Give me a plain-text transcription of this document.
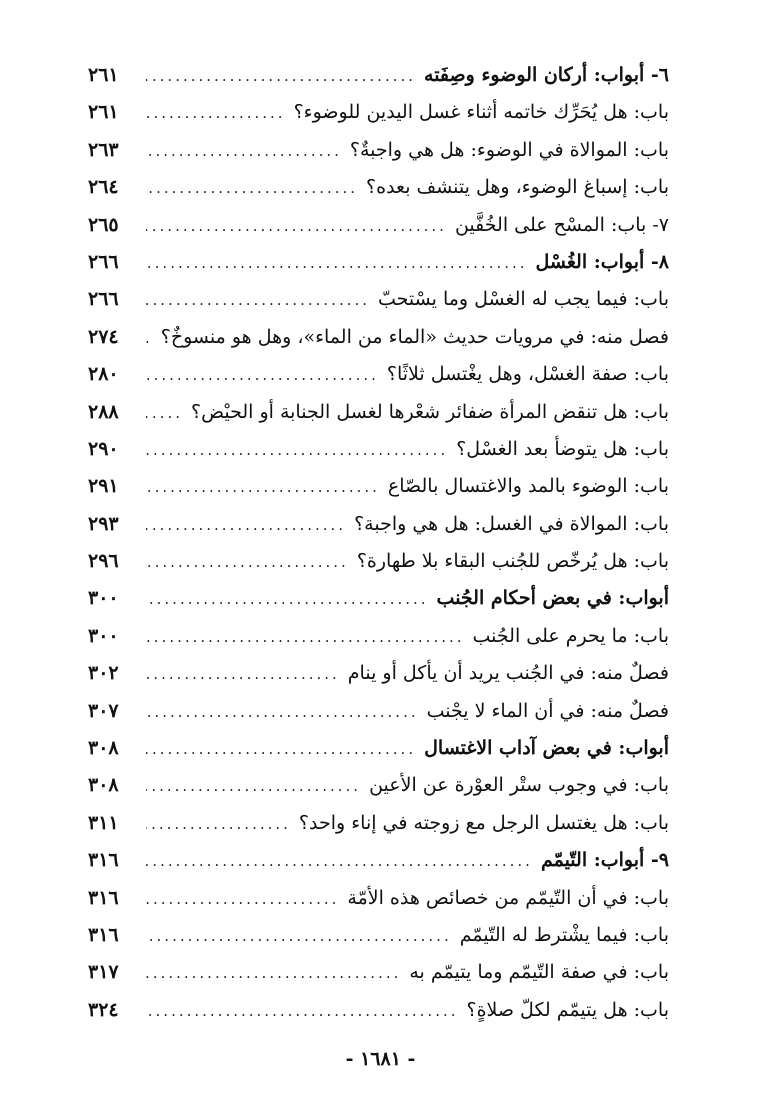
٦- أبواب: أركان الوضوء وصِفَته
.....
٢٦١
باب: هل يُحَرِّك خاتمه أثناء غسل اليدين للوضوء؟
.....
٢٦١
باب: الموالاة في الوضوء: هل هي واجبةٌ؟
.....
٢٦٣
باب: إسباغ الوضوء، وهل يتنشف بعده؟
.....
٢٦٤
٧- باب: المسْح على الخُفَّين
.....
٢٦٥
٨- أبواب: الغُسْل
.....
٢٦٦
باب: فيما يجب له الغسْل وما يسْتحبّ
.....
٢٦٦
فصل منه: في مرويات حديث «الماء من الماء»، وهل هو منسوخٌ؟
.....
٢٧٤
باب: صفة الغسْل، وهل يغْتسل ثلاثًا؟
.....
٢٨٠
باب: هل تنقض المرأة ضفائر شعْرها لغسل الجنابة أو الحيْض؟
.....
٢٨٨
باب: هل يتوضأ بعد الغسْل؟
.....
٢٩٠
باب: الوضوء بالمد والاغتسال بالصّاع
.....
٢٩١
باب: الموالاة في الغسل: هل هي واجبة؟
.....
٢٩٣
باب: هل يُرخّص للجُنب البقاء بلا طهارة؟
.....
٢٩٦
أبواب: في بعض أحكام الجُنب
.....
٣٠٠
باب: ما يحرم على الجُنب
.....
٣٠٠
فصلٌ منه: في الجُنب يريد أن يأكل أو ينام
.....
٣٠٢
فصلٌ منه: في أن الماء لا يجْنب
.....
٣٠٧
أبواب: في بعض آداب الاغتسال
.....
٣٠٨
باب: في وجوب ستْر العوْرة عن الأعين
.....
٣٠٨
باب: هل يغتسل الرجل مع زوجته في إناء واحد؟
.....
٣١١
٩- أبواب: التّيمّم
.....
٣١٦
باب: في أن التّيمّم من خصائص هذه الأمّة
.....
٣١٦
باب: فيما يشْترط له التّيمّم
.....
٣١٦
باب: في صفة التّيمّم وما يتيمّم به
.....
٣١٧
باب: هل يتيمّم لكلّ صلاةٍ؟
.....
٣٢٤
- ١٦٨١ -
